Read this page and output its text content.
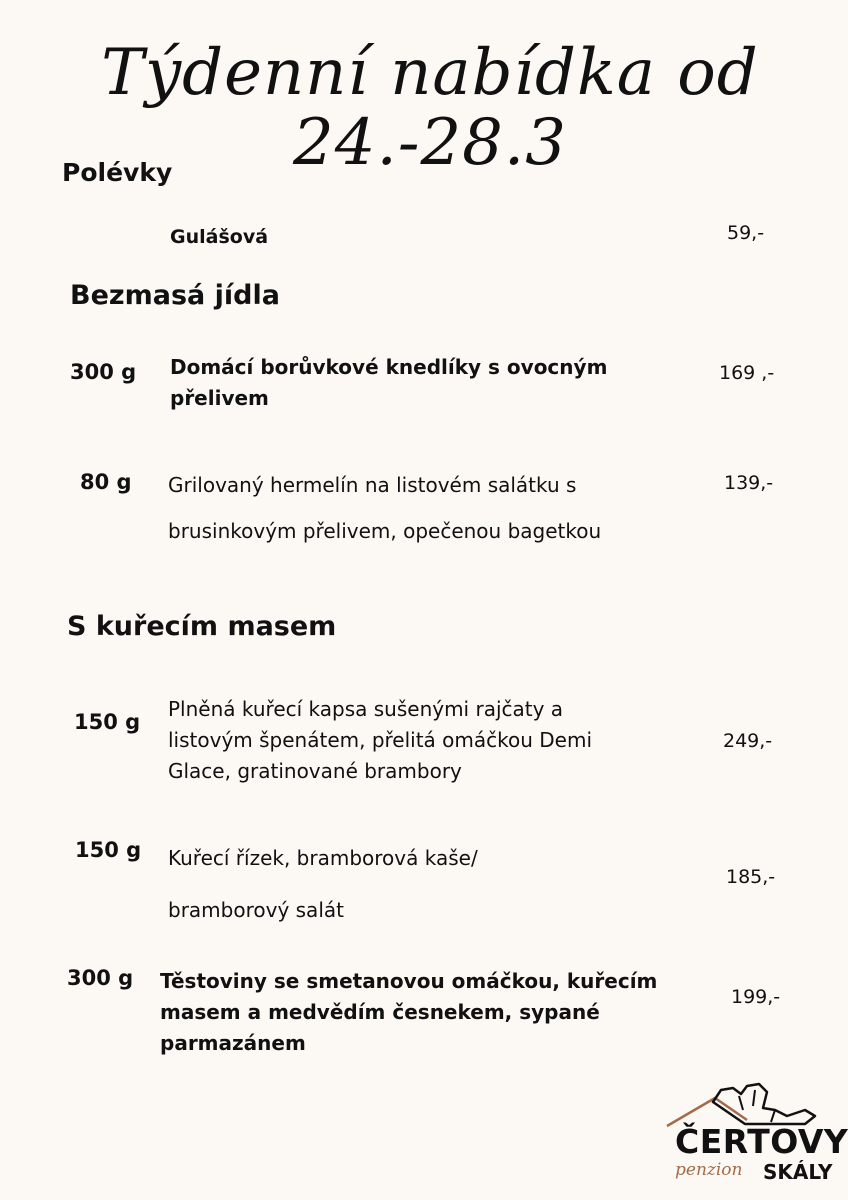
Týdenní nabídka od 24.-28.3
Polévky
Gulášová	59,-
Bezmasá jídla
300 g Domácí borůvkové knedlíky s ovocným
přelivem
169 ,-
80 g Grilovaný hermelín na listovém salátku s
brusinkovým přelivem, opečenou bagetkou
139,-
S kuřecím masem
150 g
Plněná kuřecí kapsa sušenými rajčaty a
listovým špenátem, přelitá omáčkou Demi
Glace, gratinované brambory
249,-
150 g Kuřecí řízek, bramborová kaše/
bramborový salát
185,-
300 g Těstoviny se smetanovou omáčkou, kuřecím
masem a medvědím česnekem, sypané
parmazánem
199,-
ČERTOVY
penzion SKÁLY
